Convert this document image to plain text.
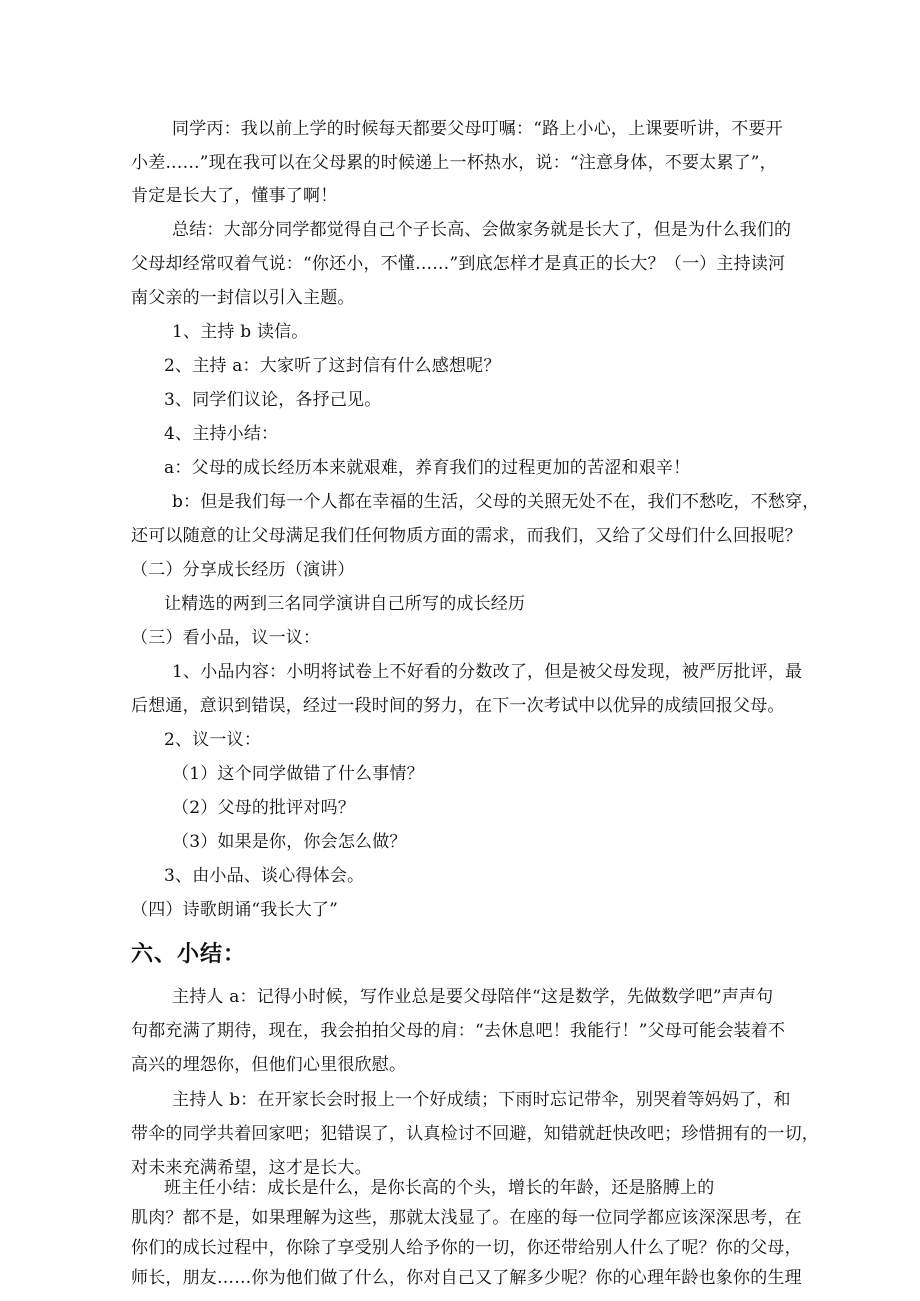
同学丙：我以前上学的时候每天都要父母叮嘱：“路上小心，上课要听讲，不要开
小差……”现在我可以在父母累的时候递上一杯热水，说：“注意身体，不要太累了”，
肯定是长大了，懂事了啊！
总结：大部分同学都觉得自己个子长高、会做家务就是长大了，但是为什么我们的
父母却经常叹着气说：“你还小，不懂……”到底怎样才是真正的长大？（一）主持读河
南父亲的一封信以引入主题。
1、主持 b 读信。
2、主持 a：大家听了这封信有什么感想呢？
3、同学们议论，各抒己见。
4、主持小结：
a：父母的成长经历本来就艰难，养育我们的过程更加的苦涩和艰辛！
b：但是我们每一个人都在幸福的生活，父母的关照无处不在，我们不愁吃，不愁穿，
还可以随意的让父母满足我们任何物质方面的需求，而我们，又给了父母们什么回报呢？
（二）分享成长经历（演讲）
让精选的两到三名同学演讲自己所写的成长经历
（三）看小品，议一议：
1、小品内容：小明将试卷上不好看的分数改了，但是被父母发现，被严厉批评，最
后想通，意识到错误，经过一段时间的努力，在下一次考试中以优异的成绩回报父母。
2、议一议：
（1）这个同学做错了什么事情？
（2）父母的批评对吗？
（3）如果是你，你会怎么做？
3、由小品、谈心得体会。
（四）诗歌朗诵“我长大了”
六、小结：
主持人 a：记得小时候，写作业总是要父母陪伴“这是数学，先做数学吧”声声句
句都充满了期待，现在，我会拍拍父母的肩：“去休息吧！我能行！”父母可能会装着不
高兴的埋怨你，但他们心里很欣慰。
主持人 b：在开家长会时报上一个好成绩；下雨时忘记带伞，别哭着等妈妈了，和
带伞的同学共着回家吧；犯错误了，认真检讨不回避，知错就赶快改吧；珍惜拥有的一切，
对未来充满希望，这才是长大。
班主任小结：成长是什么，是你长高的个头，增长的年龄，还是胳膊上的
肌肉？都不是，如果理解为这些，那就太浅显了。在座的每一位同学都应该深深思考，在
你们的成长过程中，你除了享受别人给予你的一切，你还带给别人什么了呢？你的父母，
师长，朋友……你为他们做了什么，你对自己又了解多少呢？你的心理年龄也象你的生理
